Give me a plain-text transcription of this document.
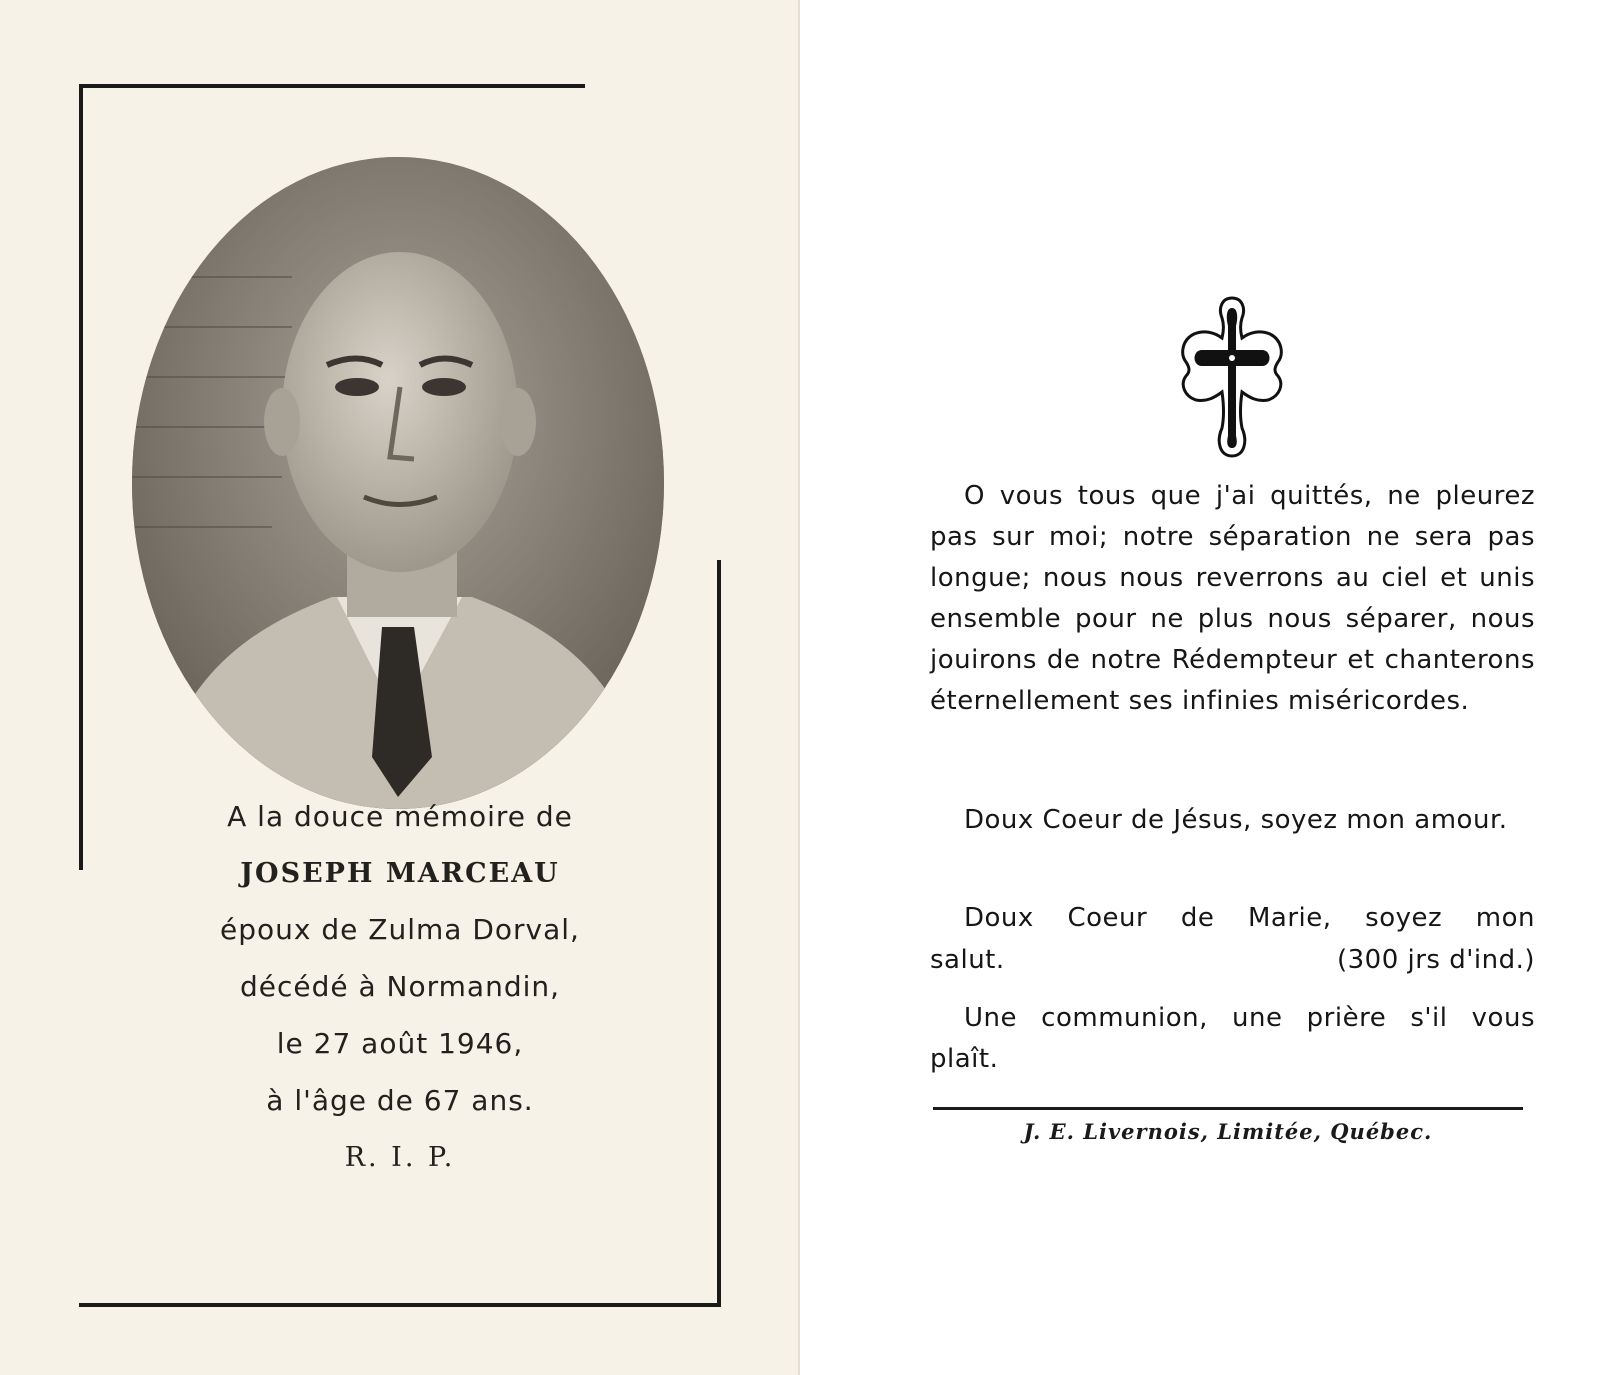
A la douce mémoire de

JOSEPH MARCEAU

époux de Zulma Dorval,

décédé à Normandin,

le 27 août 1946,

à l'âge de 67 ans.

R. I. P.

O vous tous que j'ai quittés, ne pleurez pas sur moi; notre séparation ne sera pas longue; nous nous reverrons au ciel et unis ensemble pour ne plus nous séparer, nous jouirons de notre Rédempteur et chanterons éternellement ses infinies miséricordes.

Doux Coeur de Jésus, soyez mon amour.

Doux Coeur de Marie, soyez mon

salut.	(300 jrs d'ind.)

Une communion, une prière s'il vous plaît.

J. E. Livernois, Limitée, Québec.
